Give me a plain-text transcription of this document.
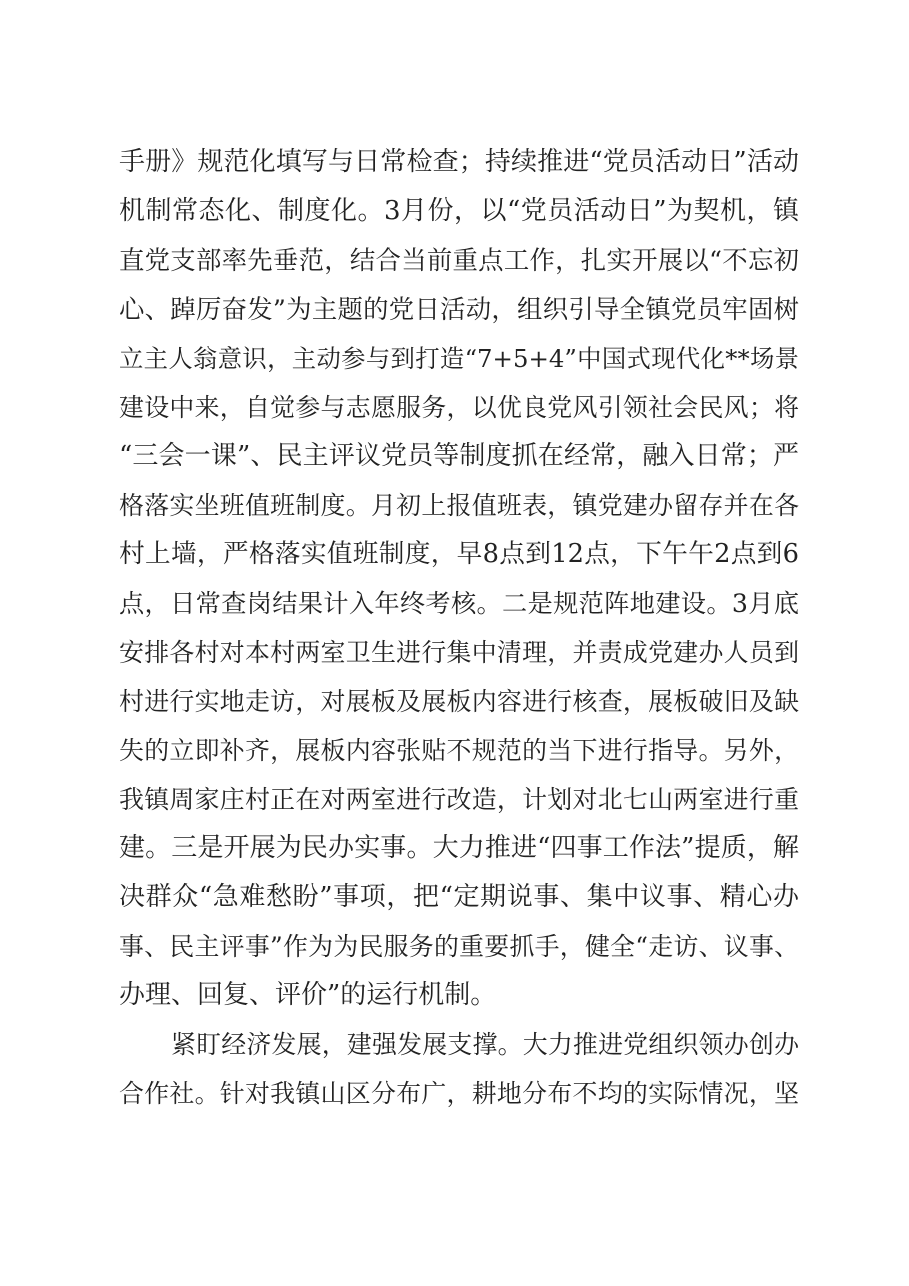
手册》规范化填写与日常检查；持续推进“党员活动日”活动
机制常态化、制度化。3月份，以“党员活动日”为契机，镇
直党支部率先垂范，结合当前重点工作，扎实开展以“不忘初
心、踔厉奋发”为主题的党日活动，组织引导全镇党员牢固树
立主人翁意识，主动参与到打造“7+5+4”中国式现代化**场景
建设中来，自觉参与志愿服务，以优良党风引领社会民风；将
“三会一课”、民主评议党员等制度抓在经常，融入日常；严
格落实坐班值班制度。月初上报值班表，镇党建办留存并在各
村上墙，严格落实值班制度，早8点到12点，下午午2点到6
点，日常查岗结果计入年终考核。二是规范阵地建设。3月底
安排各村对本村两室卫生进行集中清理，并责成党建办人员到
村进行实地走访，对展板及展板内容进行核查，展板破旧及缺
失的立即补齐，展板内容张贴不规范的当下进行指导。另外，
我镇周家庄村正在对两室进行改造，计划对北七山两室进行重
建。三是开展为民办实事。大力推进“四事工作法”提质，解
决群众“急难愁盼”事项，把“定期说事、集中议事、精心办
事、民主评事”作为为民服务的重要抓手，健全“走访、议事、
办理、回复、评价”的运行机制。
紧盯经济发展，建强发展支撑。大力推进党组织领办创办
合作社。针对我镇山区分布广，耕地分布不均的实际情况，坚
